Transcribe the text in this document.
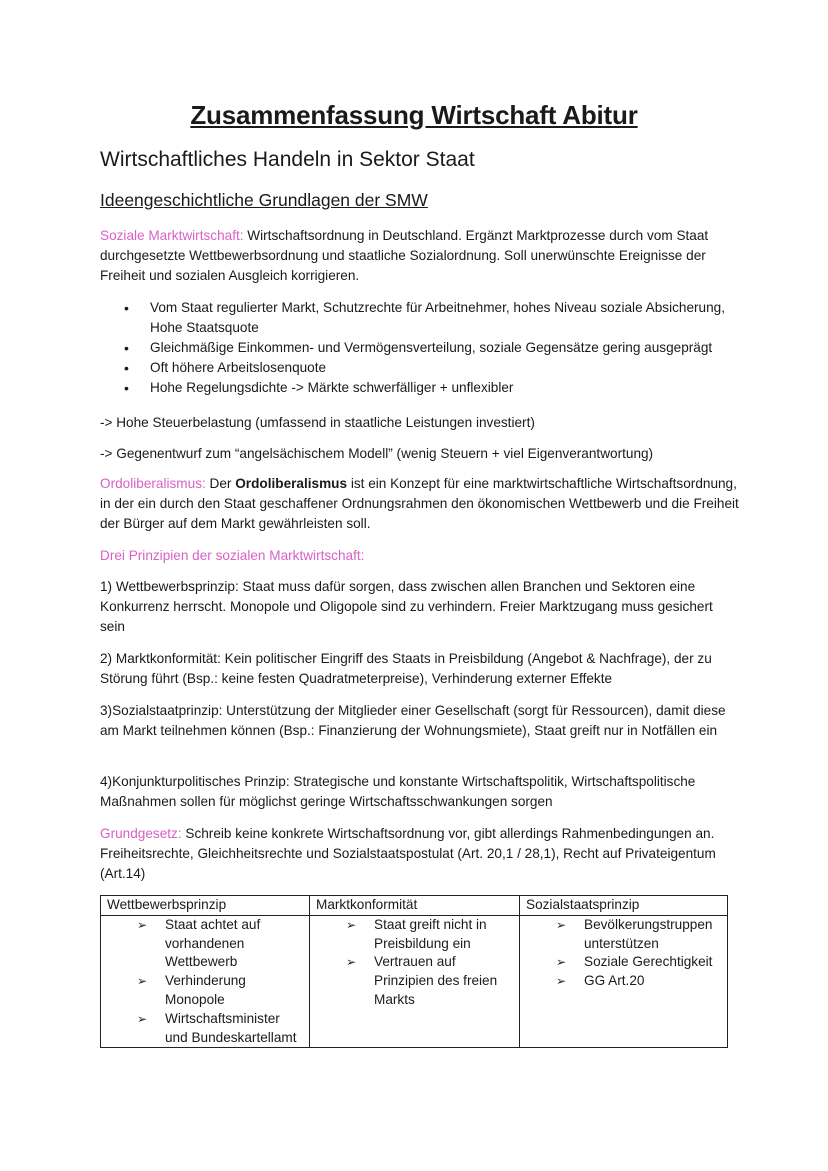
Zusammenfassung Wirtschaft Abitur
Wirtschaftliches Handeln in Sektor Staat
Ideengeschichtliche Grundlagen der SMW
Soziale Marktwirtschaft: Wirtschaftsordnung in Deutschland. Ergänzt Marktprozesse durch vom Staat durchgesetzte Wettbewerbsordnung und staatliche Sozialordnung. Soll unerwünschte Ereignisse der Freiheit und sozialen Ausgleich korrigieren.
• Vom Staat regulierter Markt, Schutzrechte für Arbeitnehmer, hohes Niveau soziale Absicherung, Hohe Staatsquote
• Gleichmäßige Einkommen- und Vermögensverteilung, soziale Gegensätze gering ausgeprägt
• Oft höhere Arbeitslosenquote
• Hohe Regelungsdichte -> Märkte schwerfälliger + unflexibler
-> Hohe Steuerbelastung (umfassend in staatliche Leistungen investiert)
-> Gegenentwurf zum “angelsächischem Modell” (wenig Steuern + viel Eigenverantwortung)
Ordoliberalismus: Der Ordoliberalismus ist ein Konzept für eine marktwirtschaftliche Wirtschaftsordnung, in der ein durch den Staat geschaffener Ordnungsrahmen den ökonomischen Wettbewerb und die Freiheit der Bürger auf dem Markt gewährleisten soll.
Drei Prinzipien der sozialen Marktwirtschaft:
1) Wettbewerbsprinzip: Staat muss dafür sorgen, dass zwischen allen Branchen und Sektoren eine Konkurrenz herrscht. Monopole und Oligopole sind zu verhindern. Freier Marktzugang muss gesichert sein
2) Marktkonformität: Kein politischer Eingriff des Staats in Preisbildung (Angebot & Nachfrage), der zu Störung führt (Bsp.: keine festen Quadratmeterpreise), Verhinderung externer Effekte
3)Sozialstaatprinzip: Unterstützung der Mitglieder einer Gesellschaft (sorgt für Ressourcen), damit diese am Markt teilnehmen können (Bsp.: Finanzierung der Wohnungsmiete), Staat greift nur in Notfällen ein
4)Konjunkturpolitisches Prinzip: Strategische und konstante Wirtschaftspolitik, Wirtschaftspolitische Maßnahmen sollen für möglichst geringe Wirtschaftsschwankungen sorgen
Grundgesetz: Schreib keine konkrete Wirtschaftsordnung vor, gibt allerdings Rahmenbedingungen an. Freiheitsrechte, Gleichheitsrechte und Sozialstaatspostulat (Art. 20,1 / 28,1), Recht auf Privateigentum (Art.14)
Wettbewerbsprinzip	Marktkonformität	Sozialstaatsprinzip

➢ Staat achtet auf vorhandenen Wettbewerb
➢ Verhinderung Monopole
➢ Wirtschaftsminister und Bundeskartellamt

➢ Staat greift nicht in Preisbildung ein
➢ Vertrauen auf Prinzipien des freien Markts

➢ Bevölkerungstruppen unterstützen
➢ Soziale Gerechtigkeit
➢ GG Art.20
